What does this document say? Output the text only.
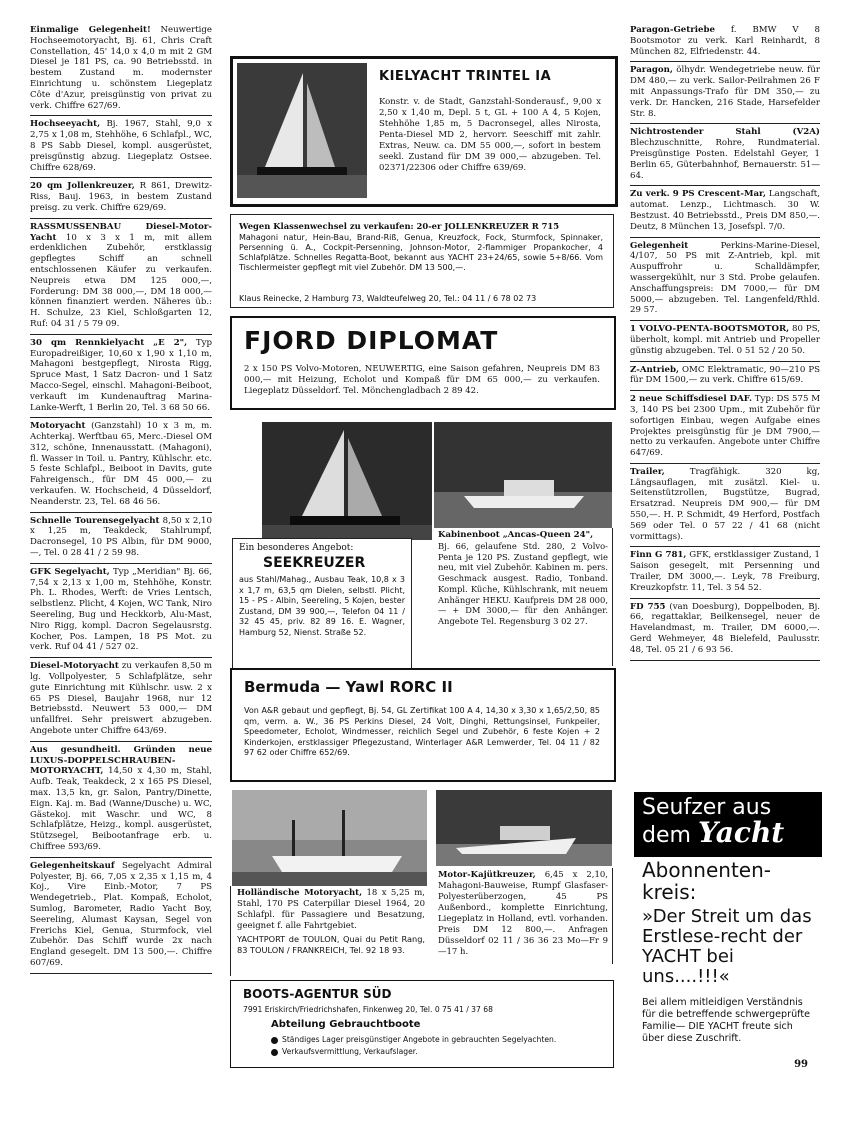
Einmalige Gelegenheit! Neuwertige Hochseemotoryacht, Bj. 61, Chris Craft Constellation, 45' 14,0 x 4,0 m mit 2 GM Diesel je 181 PS, ca. 90 Betriebsstd. in bestem Zustand m. modernster Einrichtung u. schönstem Liegeplatz Côte d'Azur, preisgünstig von privat zu verk. Chiffre 627/69.
Hochseeyacht, Bj. 1967, Stahl, 9,0 x 2,75 x 1,08 m, Stehhöhe, 6 Schlafpl., WC, 8 PS Sabb Diesel, kompl. ausgerüstet, preisgünstig abzug. Liegeplatz Ostsee. Chiffre 628/69.
20 qm Jollenkreuzer, R 861, Drewitz-Riss, Bauj. 1963, in bestem Zustand preisg. zu verk. Chiffre 629/69.
RASSMUSSENBAU Diesel-Motor-Yacht 10 x 3 x 1 m, mit allem erdenklichen Zubehör, erstklassig gepflegtes Schiff an schnell entschlossenen Käufer zu verkaufen. Neupreis etwa DM 125 000,—, Forderung: DM 38 000,—, DM 18 000,— können finanziert werden. Näheres üb.: H. Schulze, 23 Kiel, Schloßgarten 12, Ruf: 04 31 / 5 79 09.
30 qm Rennkielyacht „E 2", Typ Europadreißiger, 10,60 x 1,90 x 1,10 m, Mahagoni bestgepflegt, Nirosta Rigg, Spruce Mast, 1 Satz Dacron- und 1 Satz Macco-Segel, einschl. Mahagoni-Beiboot, verkauft im Kundenauftrag Marina-Lanke-Werft, 1 Berlin 20, Tel. 3 68 50 66.
Motoryacht (Ganzstahl) 10 x 3 m, m. Achterkaj. Werftbau 65, Merc.-Diesel OM 312, schöne, Innenausstatt. (Mahagoni), fl. Wasser in Toil. u. Pantry, Kühlschr. etc. 5 feste Schlafpl., Beiboot in Davits, gute Fahreigensch., für DM 45 000,— zu verkaufen. W. Hochscheid, 4 Düsseldorf, Neanderstr. 23, Tel. 68 46 56.
Schnelle Tourensegelyacht 8,50 x 2,10 x 1,25 m, Teakdeck, Stahlrumpf, Dacronsegel, 10 PS Albin, für DM 9000,—, Tel. 0 28 41 / 2 59 98.
GFK Segelyacht, Typ „Meridian" Bj. 66, 7,54 x 2,13 x 1,00 m, Stehhöhe, Konstr. Ph. L. Rhodes, Werft: de Vries Lentsch, selbstlenz. Plicht, 4 Kojen, WC Tank, Niro Seereling, Bug und Heckkorb, Alu-Mast, Niro Rigg, kompl. Dacron Segelausrstg. Kocher, Pos. Lampen, 18 PS Mot. zu verk. Ruf 04 41 / 527 02.
Diesel-Motoryacht zu verkaufen 8,50 m lg. Vollpolyester, 5 Schlafplätze, sehr gute Einrichtung mit Kühlschr. usw. 2 x 65 PS Diesel, Baujahr 1968, nur 12 Betriebsstd. Neuwert 53 000,— DM unfallfrei. Sehr preiswert abzugeben. Angebote unter Chiffre 643/69.
Aus gesundheitl. Gründen neue LUXUS-DOPPELSCHRAUBEN-MOTORYACHT, 14,50 x 4,30 m, Stahl, Aufb. Teak, Teakdeck, 2 x 165 PS Diesel, max. 13,5 kn, gr. Salon, Pantry/Dinette, Eign. Kaj. m. Bad (Wanne/Dusche) u. WC, Gästekoj. mit Waschr. und WC, 8 Schlafplätze, Heizg., kompl. ausgerüstet, Stützsegel, Beibootanfrage erb. u. Chiffree 593/69.
Gelegenheitskauf Segelyacht Admiral Polyester, Bj. 66, 7,05 x 2,35 x 1,15 m, 4 Koj., Vire Einb.-Motor, 7 PS Wendegetrieb., Plat. Kompaß, Echolot, Sumlog, Barometer, Radio Yacht Boy, Seereling, Alumast Kaysan, Segel von Frerichs Kiel, Genua, Sturmfock, viel Zubehör. Das Schiff wurde 2x nach England gesegelt. DM 13 500,—. Chiffre 607/69.
Paragon-Getriebe f. BMW V 8 Bootsmotor zu verk. Karl Reinhardt, 8 München 82, Elfriedenstr. 44.
Paragon, ölhydr. Wendegetriebe neuw. für DM 480,— zu verk. Sailor-Peilrahmen 26 F mit Anpassungs-Trafo für DM 350,— zu verk. Dr. Hancken, 216 Stade, Harsefelder Str. 8.
Nichtrostender Stahl (V2A) Blechzuschnitte, Rohre, Rundmaterial. Preisgünstige Posten. Edelstahl Geyer, 1 Berlin 65, Güterbahnhof, Bernauerstr. 51—64.
Zu verk. 9 PS Crescent-Mar, Langschaft, automat. Lenzp., Lichtmasch. 30 W. Bestzust. 40 Betriebsstd., Preis DM 850,—. Deutz, 8 München 13, Josefspl. 7/0.
Gelegenheit	Perkins-Marine-Diesel, 4/107, 50 PS mit Z-Antrieb, kpl. mit Auspuffrohr u. Schalldämpfer, wassergekühlt, nur 3 Std. Probe gelaufen. Anschaffungspreis: DM 7000,— für DM 5000,— abzugeben. Tel. Langenfeld/Rhld. 29 57.
1 VOLVO-PENTA-BOOTSMOTOR, 80 PS, überholt, kompl. mit Antrieb und Propeller günstig abzugeben. Tel. 0 51 52 / 20 50.
Z-Antrieb, OMC Elektramatic, 90—210 PS für DM 1500,— zu verk. Chiffre 615/69.
2 neue Schiffsdiesel DAF. Typ: DS 575 M 3, 140 PS bei 2300 Upm., mit Zubehör für sofortigen Einbau, wegen Aufgabe eines Projektes preisgünstig für je DM 7900,— netto zu verkaufen. Angebote unter Chiffre 647/69.
Trailer,	Tragfähigk. 320 kg, Längsauflagen, mit zusätzl. Kiel- u. Seitenstützrollen, Bugstütze, Bugrad, Ersatzrad. Neupreis DM 900,— für DM 550,—. H. P. Schmidt, 49 Herford, Postfach 569 oder Tel. 0 57 22 / 41 68 (nicht vormittags).
Finn G 781, GFK, erstklassiger Zustand, 1 Saison gesegelt, mit Persenning und Trailer, DM 3000,—. Leyk, 78 Freiburg, Kreuzkopfstr. 11, Tel. 3 54 52.
FD 755 (van Doesburg), Doppelboden, Bj. 66, regattaklar, Beilkensegel, neuer de Havelandmast, m. Trailer, DM 6000,—. Gerd Wehmeyer, 48 Bielefeld, Paulusstr. 48, Tel. 05 21 / 6 93 56.
KIELYACHT TRINTEL IA
Konstr. v. de Stadt, Ganzstahl-Sonderausf., 9,00 x 2,50 x 1,40 m, Depl. 5 t, GL + 100 A 4, 5 Kojen, Stehhöhe 1,85 m, 5 Dacronsegel, alles Nirosta, Penta-Diesel MD 2, hervorr. Seeschiff mit zahlr. Extras, Neuw. ca. DM 55 000,—, sofort in bestem seekl. Zustand für DM 39 000,— abzugeben. Tel. 02371/22306 oder Chiffre 639/69.
Wegen Klassenwechsel zu verkaufen: 20-er JOLLENKREUZER R 715
Mahagoni natur, Hein-Bau, Brand-Riß, Genua, Kreuzfock, Fock, Sturmfock, Spinnaker, Persenning ü. A., Cockpit-Persenning, Johnson-Motor, 2-flammiger Propankocher, 4 Schlafplätze. Schnelles Regatta-Boot, bekannt aus YACHT 23+24/65, sowie 5+8/66. Vom Tischlermeister gepflegt mit viel Zubehör. DM 13 500,—.
Klaus Reinecke, 2 Hamburg 73, Waldteufelweg 20, Tel.: 04 11 / 6 78 02 73
FJORD DIPLOMAT
2 x 150 PS Volvo-Motoren, NEUWERTIG, eine Saison gefahren, Neupreis DM 83 000,— mit Heizung, Echolot und Kompaß für DM 65 000,— zu verkaufen. Liegeplatz Düsseldorf. Tel. Mönchengladbach 2 89 42.
Ein besonderes Angebot:
SEEKREUZER
aus Stahl/Mahag., Ausbau Teak, 10,8 x 3 x 1,7 m, 63,5 qm Dielen, selbstl. Plicht, 15 - PS - Albin, Seereling, 5 Kojen, bester Zustand, DM 39 900,—, Telefon 04 11 / 32 45 45, priv. 82 89 16. E. Wagner, Hamburg 52, Nienst. Straße 52.
Kabinenboot „Ancas-Queen 24",
Bj. 66, gelaufene Std. 280, 2 Volvo-Penta je 120 PS. Zustand gepflegt, wie neu, mit viel Zubehör. Kabinen m. pers. Geschmack ausgest. Radio, Tonband. Kompl. Küche, Kühlschrank, mit neuem Anhänger HEKU. Kaufpreis DM 28 000,— + DM 3000,— für den Anhänger. Angebote Tel. Regensburg 3 02 27.
Bermuda — Yawl RORC II
Von A&R gebaut und gepflegt, Bj. 54, GL Zertifikat 100 A 4, 14,30 x 3,30 x 1,65/2,50, 85 qm, verm. a. W., 36 PS Perkins Diesel, 24 Volt, Dinghi, Rettungsinsel, Funkpeiler, Speedometer, Echolot, Windmesser, reichlich Segel und Zubehör, 6 feste Kojen + 2 Kinderkojen, erstklassiger Pflegezustand, Winterlager A&R Lemwerder, Tel. 04 11 / 82 97 62 oder Chiffre 652/69.
Holländische Motoryacht, 18 x 5,25 m, Stahl, 170 PS Caterpillar Diesel 1964, 20 Schlafpl. für Passagiere und Besatzung, geeignet f. alle Fahrtgebiet.
YACHTPORT de TOULON, Quai du Petit Rang, 83 TOULON / FRANKREICH, Tel. 92 18 93.
Motor-Kajütkreuzer, 6,45 x 2,10, Mahagoni-Bauweise, Rumpf Glasfaser-Polyesterüberzogen, 45 PS Außenbord., komplette Einrichtung, Liegeplatz in Holland, evtl. vorhanden. Preis DM 12 800,—. Anfragen Düsseldorf 02 11 / 36 36 23 Mo—Fr 9—17 h.
BOOTS-AGENTUR SÜD
7991 Eriskirch/Friedrichshafen, Finkenweg 20, Tel. 0 75 41 / 37 68
Abteilung Gebrauchtboote
Ständiges Lager preisgünstiger Angebote in gebrauchten Segelyachten.
Verkaufsvermittlung, Verkaufslager.
Seufzer aus
dem Yacht
Abonnenten-
kreis:
»Der Streit um das Erstlese-recht der YACHT bei uns....!!!«
Bei allem mitleidigen Verständnis für die betreffende schwergeprüfte Familie— DIE YACHT freute sich über diese Zuschrift.
99
